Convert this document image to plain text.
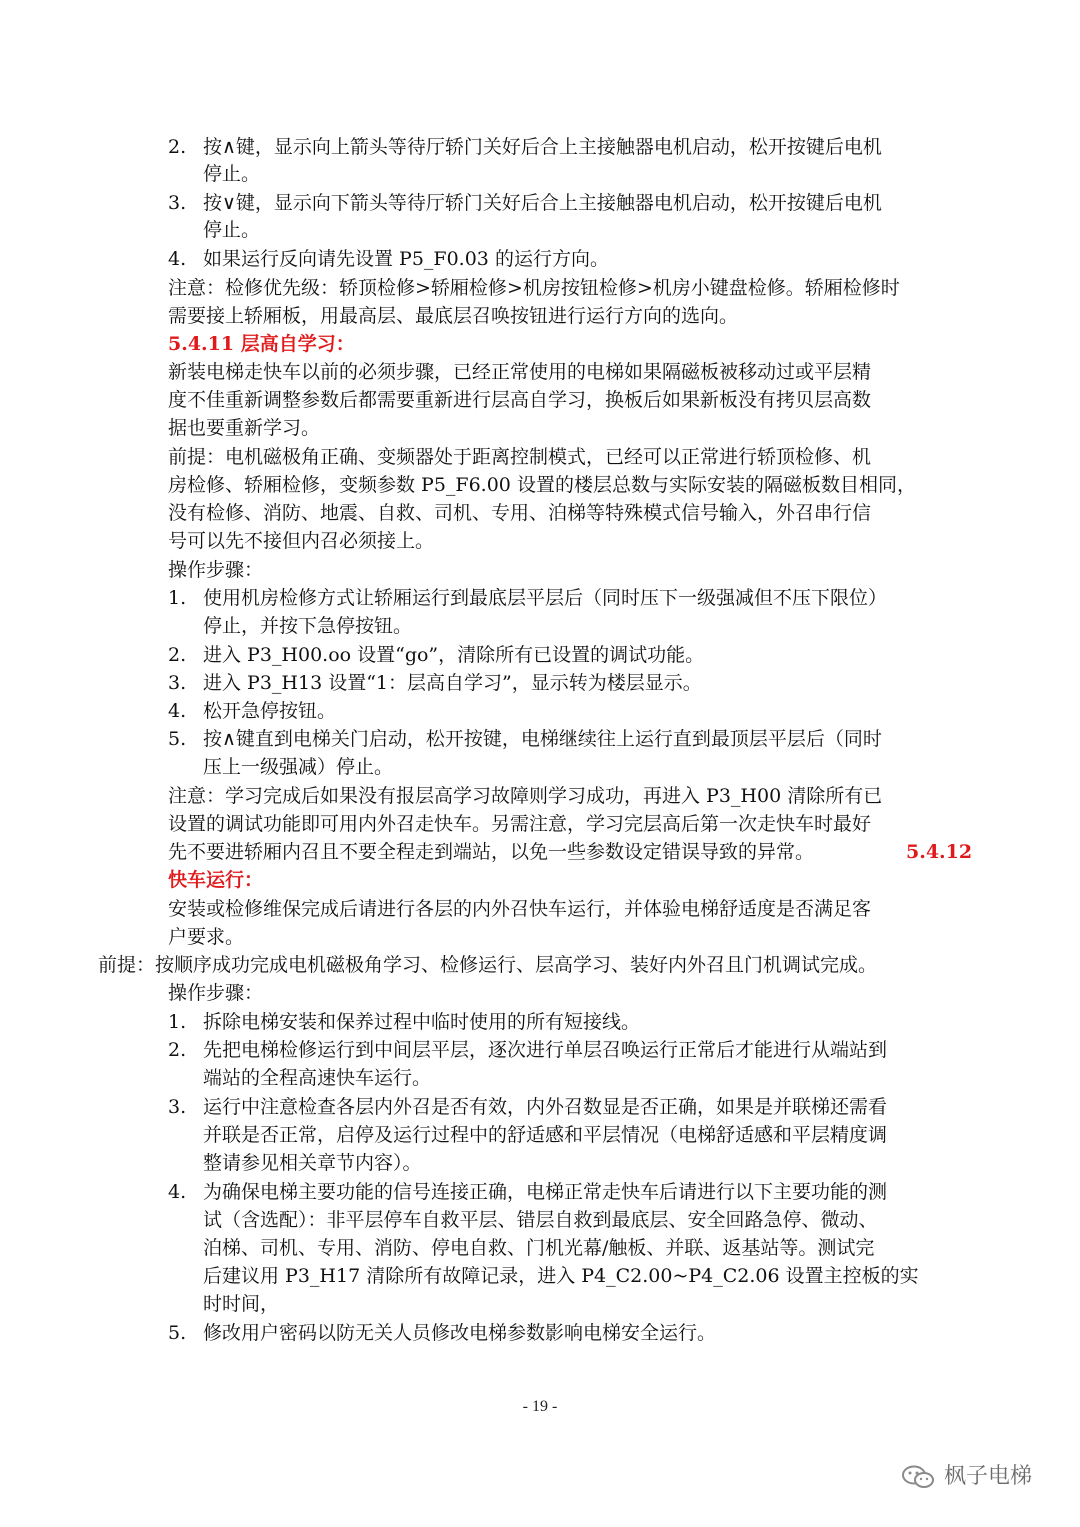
2. 按∧键，显示向上箭头等待厅轿门关好后合上主接触器电机启动，松开按键后电机
停止。
3. 按∨键，显示向下箭头等待厅轿门关好后合上主接触器电机启动，松开按键后电机
停止。
4. 如果运行反向请先设置 P5_F0.03 的运行方向。
注意：检修优先级：轿顶检修>轿厢检修>机房按钮检修>机房小键盘检修。轿厢检修时
需要接上轿厢板，用最高层、最底层召唤按钮进行运行方向的选向。
5.4.11 层高自学习：
新装电梯走快车以前的必须步骤，已经正常使用的电梯如果隔磁板被移动过或平层精
度不佳重新调整参数后都需要重新进行层高自学习，换板后如果新板没有拷贝层高数
据也要重新学习。
前提：电机磁极角正确、变频器处于距离控制模式，已经可以正常进行轿顶检修、机
房检修、轿厢检修，变频参数 P5_F6.00 设置的楼层总数与实际安装的隔磁板数目相同，
没有检修、消防、地震、自救、司机、专用、泊梯等特殊模式信号输入，外召串行信
号可以先不接但内召必须接上。
操作步骤：
1. 使用机房检修方式让轿厢运行到最底层平层后（同时压下一级强减但不压下限位）
停止，并按下急停按钮。
2. 进入 P3_H00.oo 设置“go”，清除所有已设置的调试功能。
3. 进入 P3_H13 设置“1：层高自学习”，显示转为楼层显示。
4. 松开急停按钮。
5. 按∧键直到电梯关门启动，松开按键，电梯继续往上运行直到最顶层平层后（同时
压上一级强减）停止。
注意：学习完成后如果没有报层高学习故障则学习成功，再进入 P3_H00 清除所有已
设置的调试功能即可用内外召走快车。另需注意，学习完层高后第一次走快车时最好
先不要进轿厢内召且不要全程走到端站，以免一些参数设定错误导致的异常。	5.4.12
快车运行：
安装或检修维保完成后请进行各层的内外召快车运行，并体验电梯舒适度是否满足客
户要求。
前提：按顺序成功完成电机磁极角学习、检修运行、层高学习、装好内外召且门机调试完成。
操作步骤：
1. 拆除电梯安装和保养过程中临时使用的所有短接线。
2. 先把电梯检修运行到中间层平层，逐次进行单层召唤运行正常后才能进行从端站到
端站的全程高速快车运行。
3. 运行中注意检查各层内外召是否有效，内外召数显是否正确，如果是并联梯还需看
并联是否正常，启停及运行过程中的舒适感和平层情况（电梯舒适感和平层精度调
整请参见相关章节内容）。
4. 为确保电梯主要功能的信号连接正确，电梯正常走快车后请进行以下主要功能的测
试（含选配）：非平层停车自救平层、错层自救到最底层、安全回路急停、微动、
泊梯、司机、专用、消防、停电自救、门机光幕/触板、并联、返基站等。测试完
后建议用 P3_H17 清除所有故障记录，进入 P4_C2.00~P4_C2.06 设置主控板的实
时时间，
5. 修改用户密码以防无关人员修改电梯参数影响电梯安全运行。
- 19 -
枫子电梯
